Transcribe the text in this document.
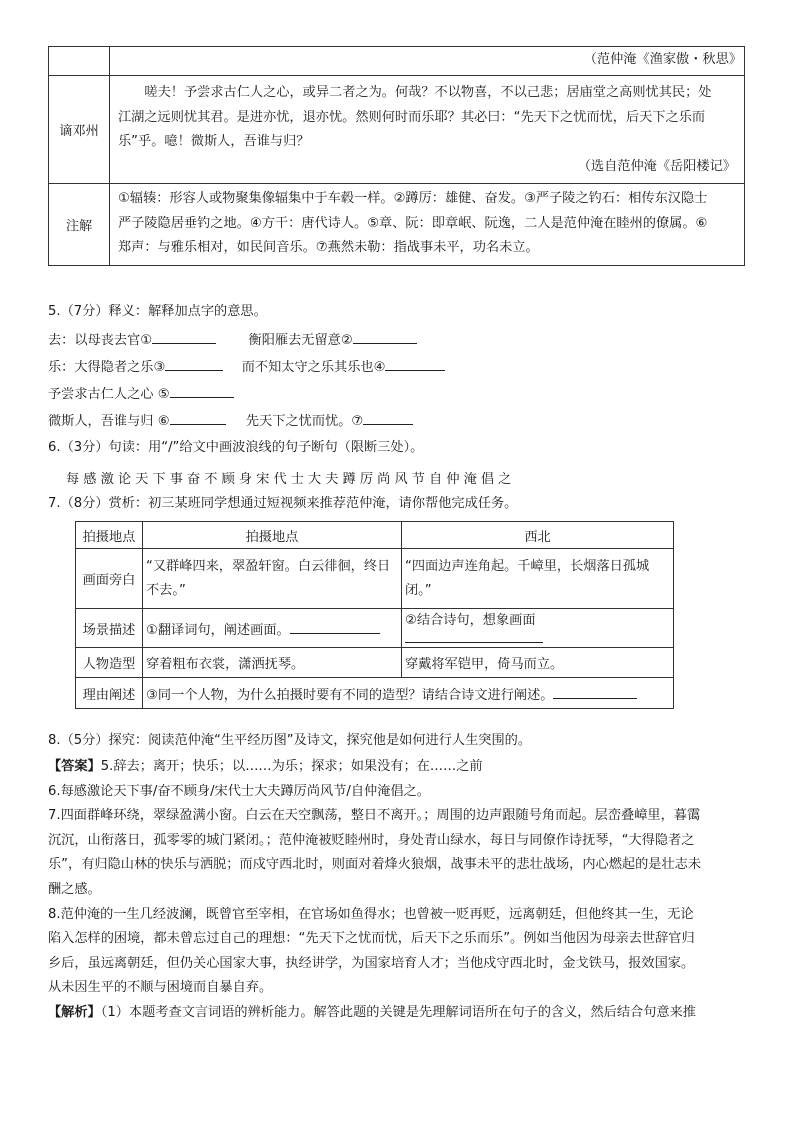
	（范仲淹《渔家傲・秋思》

谪邓州	嗟夫！予尝求古仁人之心，或异二者之为。何哉？不以物喜，不以己悲；居庙堂之高则忧其民；处
江湖之远则忧其君。是进亦忧，退亦忧。然则何时而乐耶？其必曰：“先天下之忧而忧，后天下之乐而
乐”乎。噫！微斯人，吾谁与归？
（选自范仲淹《岳阳楼记》

注解	①辐辏：形容人或物聚集像辐集中于车毂一样。②蹲厉：雄健、奋发。③严子陵之钓石：相传东汉隐士
严子陵隐居垂钓之地。④方干：唐代诗人。⑤章、阮：即章岷、阮逸，二人是范仲淹在睦州的僚属。⑥
郑声：与雅乐相对，如民间音乐。⑦燕然未勒：指战事未平，功名未立。
5.（7分）释义：解释加点字的意思。
去：以母丧去官①	衡阳雁去无留意②
乐：大得隐者之乐③	而不知太守之乐其乐也④
予尝求古仁人之心 ⑤
微斯人，吾谁与归 ⑥	先天下之忧而忧。⑦
6.（3分）句读：用“/”给文中画波浪线的句子断句（限断三处）。
每感激论天下事奋不顾身宋代士大夫蹲厉尚风节自仲淹倡之
7.（8分）赏析：初三某班同学想通过短视频来推荐范仲淹，请你帮他完成任务。
拍摄地点	拍摄地点	西北
画面旁白	“又群峰四来，翠盈轩窗。白云徘徊，终日不去。”	“四面边声连角起。千嶂里，长烟落日孤城闭。”

场景描述	①翻译词句，阐述画面。	②结合诗句，想象画面
人物造型	穿着粗布衣裳，潇洒抚琴。	穿戴将军铠甲，倚马而立。
理由阐述	③同一个人物，为什么拍摄时要有不同的造型？请结合诗文进行阐述。	
8.（5分）探究：阅读范仲淹“生平经历图”及诗文，探究他是如何进行人生突围的。
【答案】5.辞去；离开；快乐；以……为乐；探求；如果没有；在……之前
6.每感激论天下事/奋不顾身/宋代士大夫蹲厉尚风节/自仲淹倡之。
7.四面群峰环绕，翠绿盈满小窗。白云在天空飘荡，整日不离开。；周围的边声跟随号角而起。层峦叠嶂里，暮霭
沉沉，山衔落日，孤零零的城门紧闭。；范仲淹被贬睦州时，身处青山绿水，每日与同僚作诗抚琴，“大得隐者之
乐”，有归隐山林的快乐与洒脱；而戍守西北时，则面对着烽火狼烟，战事未平的悲壮战场，内心燃起的是壮志未
酬之感。
8.范仲淹的一生几经波澜，既曾官至宰相，在官场如鱼得水；也曾被一贬再贬，远离朝廷，但他终其一生，无论
陷入怎样的困境，都未曾忘过自己的理想：“先天下之忧而忧，后天下之乐而乐”。例如当他因为母亲去世辞官归
乡后，虽远离朝廷，但仍关心国家大事，执经讲学，为国家培育人才；当他戍守西北时，金戈铁马，报效国家。
从未因生平的不顺与困境而自暴自弃。
【解析】（1）本题考查文言词语的辨析能力。解答此题的关键是先理解词语所在句子的含义，然后结合句意来推
